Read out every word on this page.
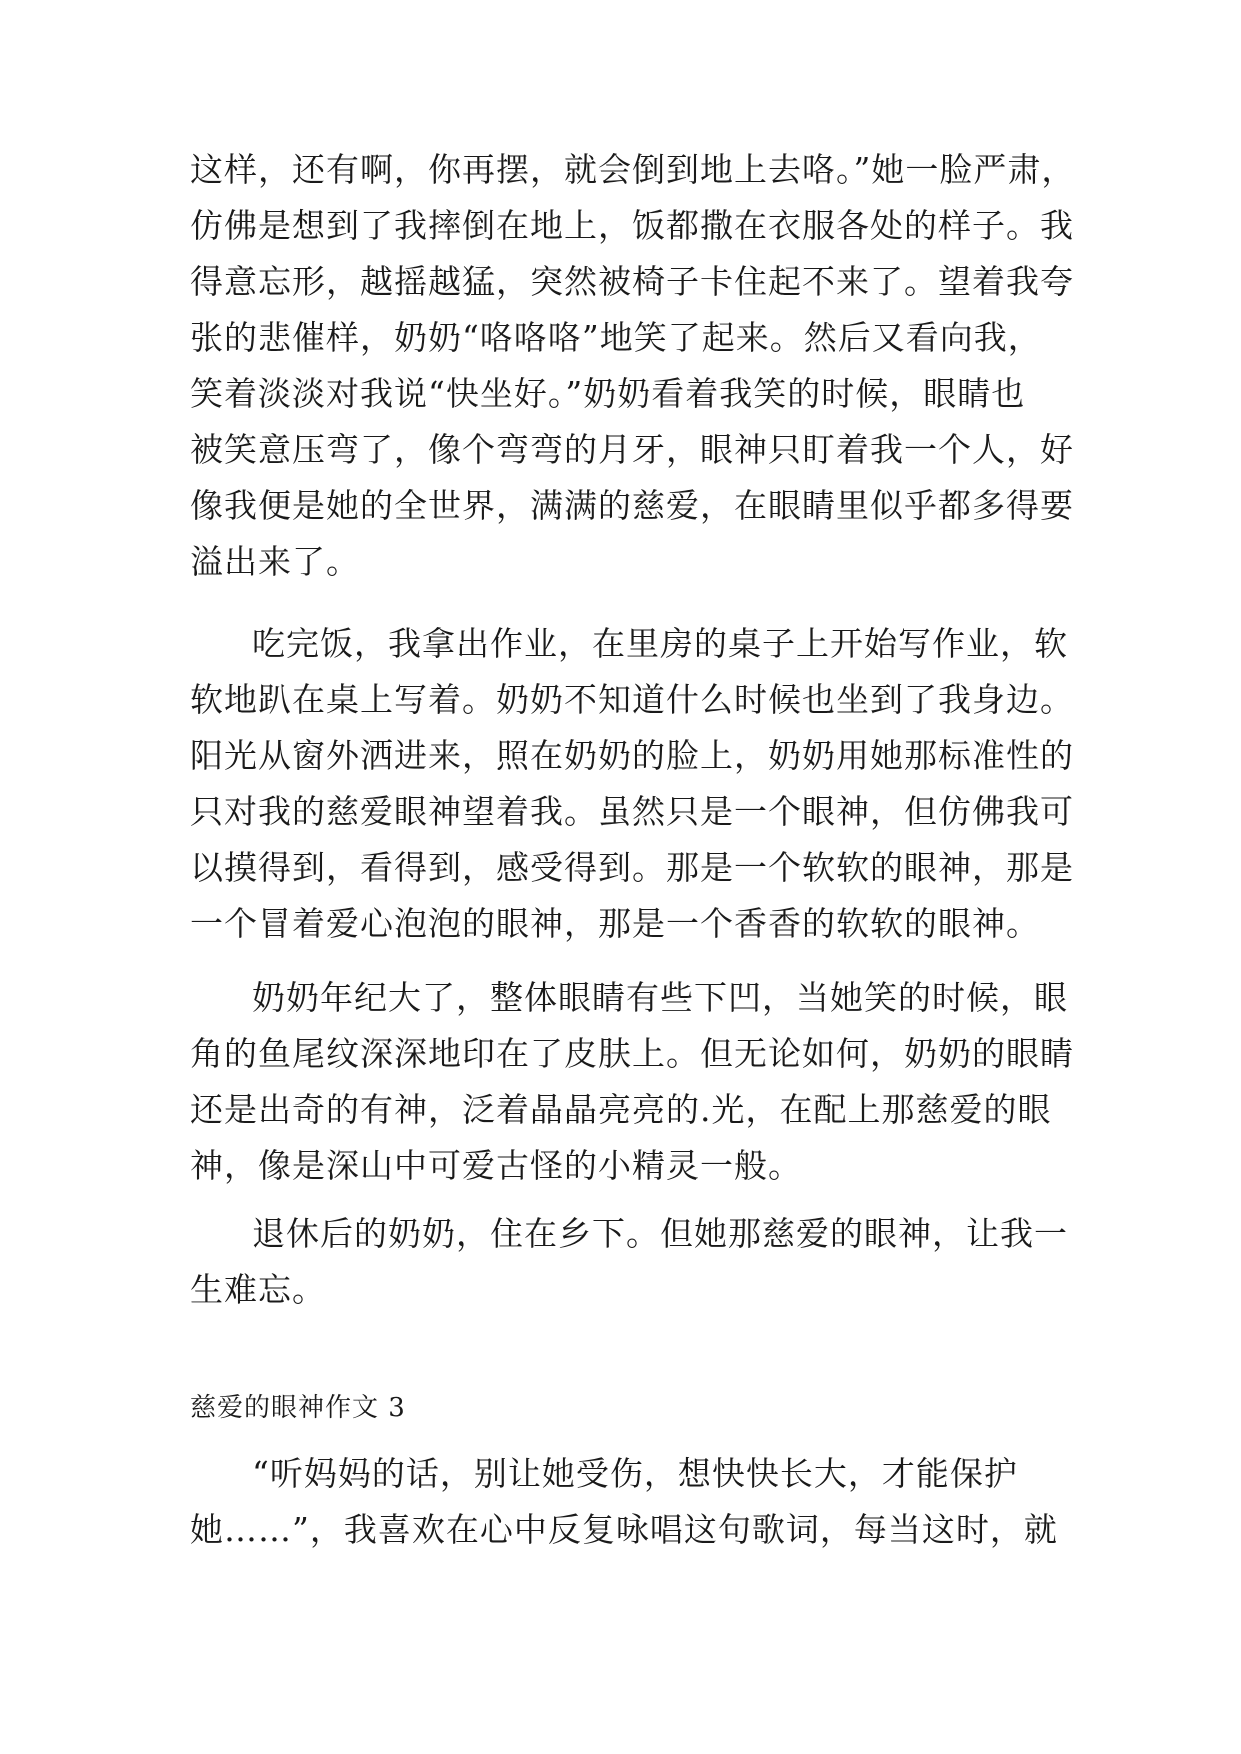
这样，还有啊，你再摆，就会倒到地上去咯。”她一脸严肃，
仿佛是想到了我摔倒在地上，饭都撒在衣服各处的样子。我
得意忘形，越摇越猛，突然被椅子卡住起不来了。望着我夸
张的悲催样，奶奶“咯咯咯”地笑了起来。然后又看向我，
笑着淡淡对我说“快坐好。”奶奶看着我笑的时候，眼睛也
被笑意压弯了，像个弯弯的月牙，眼神只盯着我一个人，好
像我便是她的全世界，满满的慈爱，在眼睛里似乎都多得要
溢出来了。
吃完饭，我拿出作业，在里房的桌子上开始写作业，软
软地趴在桌上写着。奶奶不知道什么时候也坐到了我身边。
阳光从窗外洒进来，照在奶奶的脸上，奶奶用她那标准性的
只对我的慈爱眼神望着我。虽然只是一个眼神，但仿佛我可
以摸得到，看得到，感受得到。那是一个软软的眼神，那是
一个冒着爱心泡泡的眼神，那是一个香香的软软的眼神。
奶奶年纪大了，整体眼睛有些下凹，当她笑的时候，眼
角的鱼尾纹深深地印在了皮肤上。但无论如何，奶奶的眼睛
还是出奇的有神，泛着晶晶亮亮的.光，在配上那慈爱的眼
神，像是深山中可爱古怪的小精灵一般。
退休后的奶奶，住在乡下。但她那慈爱的眼神，让我一
生难忘。
慈爱的眼神作文 3
“听妈妈的话，别让她受伤，想快快长大，才能保护
她……”，我喜欢在心中反复咏唱这句歌词，每当这时，就
